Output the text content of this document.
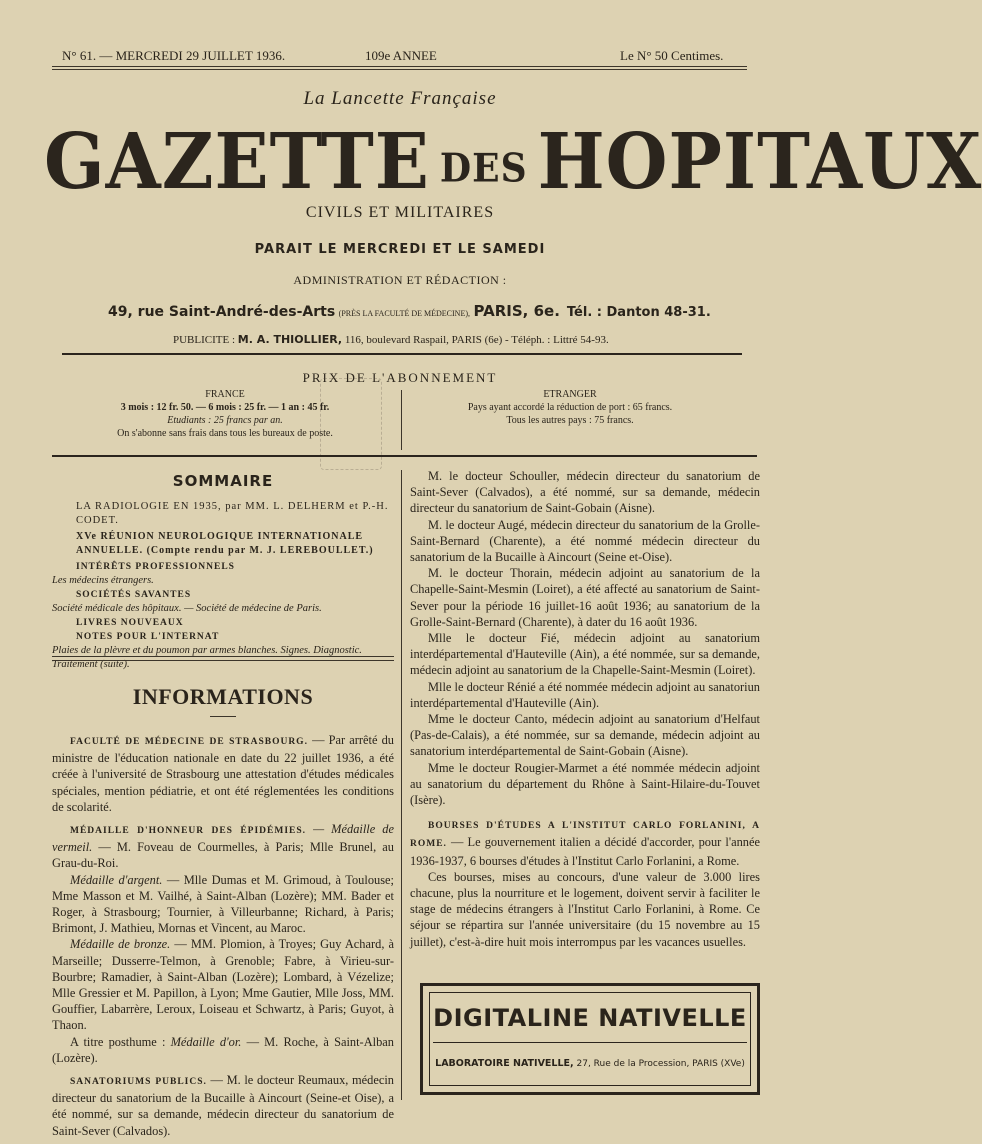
N° 61. — MERCREDI 29 JUILLET 1936.	109e ANNEE	Le N° 50 Centimes.
La Lancette Française
GAZETTE DES HOPITAUX
CIVILS ET MILITAIRES
PARAIT LE MERCREDI ET LE SAMEDI
ADMINISTRATION ET RÉDACTION :
49, rue Saint-André-des-Arts (PRÈS LA FACULTÉ DE MÉDECINE), PARIS, 6e. Tél. : Danton 48-31.
PUBLICITE : M. A. THIOLLIER, 116, boulevard Raspail, PARIS (6e) - Téléph. : Littré 54-93.
PRIX DE L'ABONNEMENT
FRANCE
3 mois : 12 fr. 50. — 6 mois : 25 fr. — 1 an : 45 fr.
Etudiants : 25 francs par an.
On s'abonne sans frais dans tous les bureaux de poste.
ETRANGER
Pays ayant accordé la réduction de port : 65 francs.
Tous les autres pays : 75 francs.
SOMMAIRE
LA RADIOLOGIE EN 1935, par MM. L. DELHERM et P.-H. CODET.
XVe RÉUNION NEUROLOGIQUE INTERNATIONALE ANNUELLE. (Compte rendu par M. J. LEREBOULLET.)
INTÉRÊTS PROFESSIONNELS
Les médecins étrangers.
SOCIÉTÉS SAVANTES
Société médicale des hôpitaux. — Société de médecine de Paris.
LIVRES NOUVEAUX
NOTES POUR L'INTERNAT
Plaies de la plèvre et du poumon par armes blanches. Signes. Diagnostic. Traitement (suite).
INFORMATIONS

FACULTÉ DE MÉDECINE DE STRASBOURG. — Par arrêté du ministre de l'éducation nationale en date du 22 juillet 1936, a été créée à l'université de Strasbourg une attestation d'études médicales spéciales, mention pédiatrie, et ont été réglementées les conditions de scolarité.

MÉDAILLE D'HONNEUR DES ÉPIDÉMIES. — Médaille de vermeil. — M. Foveau de Courmelles, à Paris; Mlle Brunel, au Grau-du-Roi.

Médaille d'argent. — Mlle Dumas et M. Grimoud, à Toulouse; Mme Masson et M. Vailhé, à Saint-Alban (Lozère); MM. Bader et Roger, à Strasbourg; Tournier, à Villeurbanne; Richard, à Paris; Brimont, J. Mathieu, Mornas et Vincent, au Maroc.

Médaille de bronze. — MM. Plomion, à Troyes; Guy Achard, à Marseille; Dusserre-Telmon, à Grenoble; Fabre, à Virieu-sur-Bourbre; Ramadier, à Saint-Alban (Lozère); Lombard, à Vézelize; Mlle Gressier et M. Papillon, à Lyon; Mme Gautier, Mlle Joss, MM. Gouffier, Labarrère, Leroux, Loiseau et Schwartz, à Paris; Guyot, à Thaon.

A titre posthume : Médaille d'or. — M. Roche, à Saint-Alban (Lozère).

SANATORIUMS PUBLICS. — M. le docteur Reumaux, médecin directeur du sanatorium de la Bucaille à Aincourt (Seine-et Oise), a été nommé, sur sa demande, médecin directeur du sanatorium de Saint-Sever (Calvados).

M. le docteur Schouller, médecin directeur du sanatorium de Saint-Sever (Calvados), a été nommé, sur sa demande, médecin directeur du sanatorium de Saint-Gobain (Aisne).

M. le docteur Augé, médecin directeur du sanatorium de la Grolle-Saint-Bernard (Charente), a été nommé médecin directeur du sanatorium de la Bucaille à Aincourt (Seine et-Oise).

M. le docteur Thorain, médecin adjoint au sanatorium de la Chapelle-Saint-Mesmin (Loiret), a été affecté au sanatorium de Saint-Sever pour la période 16 juillet-16 août 1936; au sanatorium de la Grolle-Saint-Bernard (Charente), à dater du 16 août 1936.

Mlle le docteur Fié, médecin adjoint au sanatorium interdépartemental d'Hauteville (Ain), a été nommée, sur sa demande, médecin adjoint au sanatorium de la Chapelle-Saint-Mesmin (Loiret).

Mlle le docteur Rénié a été nommée médecin adjoint au sanatoriun interdépartemental d'Hauteville (Ain).

Mme le docteur Canto, médecin adjoint au sanatorium d'Helfaut (Pas-de-Calais), a été nommée, sur sa demande, médecin adjoint au sanatorium interdépartemental de Saint-Gobain (Aisne).

Mme le docteur Rougier-Marmet a été nommée médecin adjoint au sanatorium du département du Rhône à Saint-Hilaire-du-Touvet (Isère).

BOURSES D'ÉTUDES A L'INSTITUT CARLO FORLANINI, A ROME. — Le gouvernement italien a décidé d'accorder, pour l'année 1936-1937, 6 bourses d'études à l'Institut Carlo Forlanini, a Rome.

Ces bourses, mises au concours, d'une valeur de 3.000 lires chacune, plus la nourriture et le logement, doivent servir à faciliter le stage de médecins étrangers à l'Institut Carlo Forlanini, à Rome. Ce séjour se répartira sur l'année universitaire (du 15 novembre au 15 juillet), c'est-à-dire huit mois interrompus par les vacances usuelles.

DIGITALINE NATIVELLE
LABORATOIRE NATIVELLE, 27, Rue de la Procession, PARIS (XVe)
